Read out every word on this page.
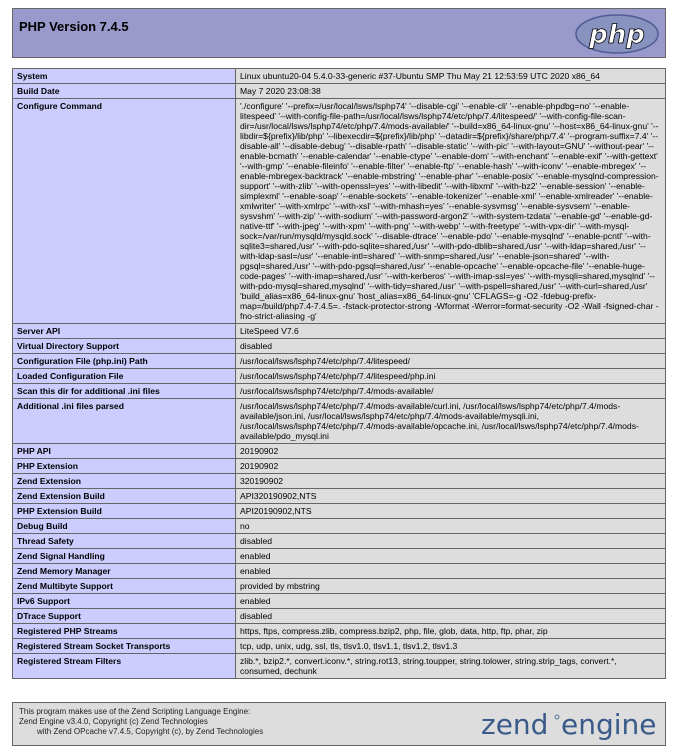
PHP Version 7.4.5	php
System	Linux ubuntu20-04 5.4.0-33-generic #37-Ubuntu SMP Thu May 21 12:53:59 UTC 2020 x86_64
Build Date	May 7 2020 23:08:38
Configure Command	'./configure' '--prefix=/usr/local/lsws/lsphp74' '--disable-cgi' '--enable-cli' '--enable-phpdbg=no' '--enable-litespeed' '--with-config-file-path=/usr/local/lsws/lsphp74/etc/php/7.4/litespeed/' '--with-config-file-scan-dir=/usr/local/lsws/lsphp74/etc/php/7.4/mods-available/' '--build=x86_64-linux-gnu' '--host=x86_64-linux-gnu' '--libdir=${prefix}/lib/php' '--libexecdir=${prefix}/lib/php' '--datadir=${prefix}/share/php/7.4' '--program-suffix=7.4' '--disable-all' '--disable-debug' '--disable-rpath' '--disable-static' '--with-pic' '--with-layout=GNU' '--without-pear' '--enable-bcmath' '--enable-calendar' '--enable-ctype' '--enable-dom' '--with-enchant' '--enable-exif' '--with-gettext' '--with-gmp' '--enable-fileinfo' '--enable-filter' '--enable-ftp' '--enable-hash' '--with-iconv' '--enable-mbregex' '--enable-mbregex-backtrack' '--enable-mbstring' '--enable-phar' '--enable-posix' '--enable-mysqlnd-compression-support' '--with-zlib' '--with-openssl=yes' '--with-libedit' '--with-libxml' '--with-bz2' '--enable-session' '--enable-simplexml' '--enable-soap' '--enable-sockets' '--enable-tokenizer' '--enable-xml' '--enable-xmlreader' '--enable-xmlwriter' '--with-xmlrpc' '--with-xsl' '--with-mhash=yes' '--enable-sysvmsg' '--enable-sysvsem' '--enable-sysvshm' '--with-zip' '--with-sodium' '--with-password-argon2' '--with-system-tzdata' '--enable-gd' '--enable-gd-native-ttf' '--with-jpeg' '--with-xpm' '--with-png' '--with-webp' '--with-freetype' '--with-vpx-dir' '--with-mysql-sock=/var/run/mysqld/mysqld.sock' '--disable-dtrace' '--enable-pdo' '--enable-mysqlnd' '--enable-pcntl' '--with-sqlite3=shared,/usr' '--with-pdo-sqlite=shared,/usr' '--with-pdo-dblib=shared,/usr' '--with-ldap=shared,/usr' '--with-ldap-sasl=/usr' '--enable-intl=shared' '--with-snmp=shared,/usr' '--enable-json=shared' '--with-pgsql=shared,/usr' '--with-pdo-pgsql=shared,/usr' '--enable-opcache' '--enable-opcache-file' '--enable-huge-code-pages' '--with-imap=shared,/usr' '--with-kerberos' '--with-imap-ssl=yes' '--with-mysqli=shared,mysqlnd' '--with-pdo-mysql=shared,mysqlnd' '--with-tidy=shared,/usr' '--with-pspell=shared,/usr' '--with-curl=shared,/usr' 'build_alias=x86_64-linux-gnu' 'host_alias=x86_64-linux-gnu' 'CFLAGS=-g -O2 -fdebug-prefix-map=/build/php7.4-7.4.5=. -fstack-protector-strong -Wformat -Werror=format-security -O2 -Wall -fsigned-char -fno-strict-aliasing -g'
Server API	LiteSpeed V7.6
Virtual Directory Support	disabled
Configuration File (php.ini) Path	/usr/local/lsws/lsphp74/etc/php/7.4/litespeed/
Loaded Configuration File	/usr/local/lsws/lsphp74/etc/php/7.4/litespeed/php.ini
Scan this dir for additional .ini files	/usr/local/lsws/lsphp74/etc/php/7.4/mods-available/
Additional .ini files parsed	/usr/local/lsws/lsphp74/etc/php/7.4/mods-available/curl.ini, /usr/local/lsws/lsphp74/etc/php/7.4/mods-available/json.ini, /usr/local/lsws/lsphp74/etc/php/7.4/mods-available/mysqli.ini, /usr/local/lsws/lsphp74/etc/php/7.4/mods-available/opcache.ini, /usr/local/lsws/lsphp74/etc/php/7.4/mods-available/pdo_mysql.ini
PHP API	20190902
PHP Extension	20190902
Zend Extension	320190902
Zend Extension Build	API320190902,NTS
PHP Extension Build	API20190902,NTS
Debug Build	no
Thread Safety	disabled
Zend Signal Handling	enabled
Zend Memory Manager	enabled
Zend Multibyte Support	provided by mbstring
IPv6 Support	enabled
DTrace Support	disabled
Registered PHP Streams	https, ftps, compress.zlib, compress.bzip2, php, file, glob, data, http, ftp, phar, zip
Registered Stream Socket Transports	tcp, udp, unix, udg, ssl, tls, tlsv1.0, tlsv1.1, tlsv1.2, tlsv1.3
Registered Stream Filters	zlib.*, bzip2.*, convert.iconv.*, string.rot13, string.toupper, string.tolower, string.strip_tags, convert.*, consumed, dechunk
This program makes use of the Zend Scripting Language Engine:
Zend Engine v3.4.0, Copyright (c) Zend Technologies
with Zend OPcache v7.4.5, Copyright (c), by Zend Technologies	zend engine
